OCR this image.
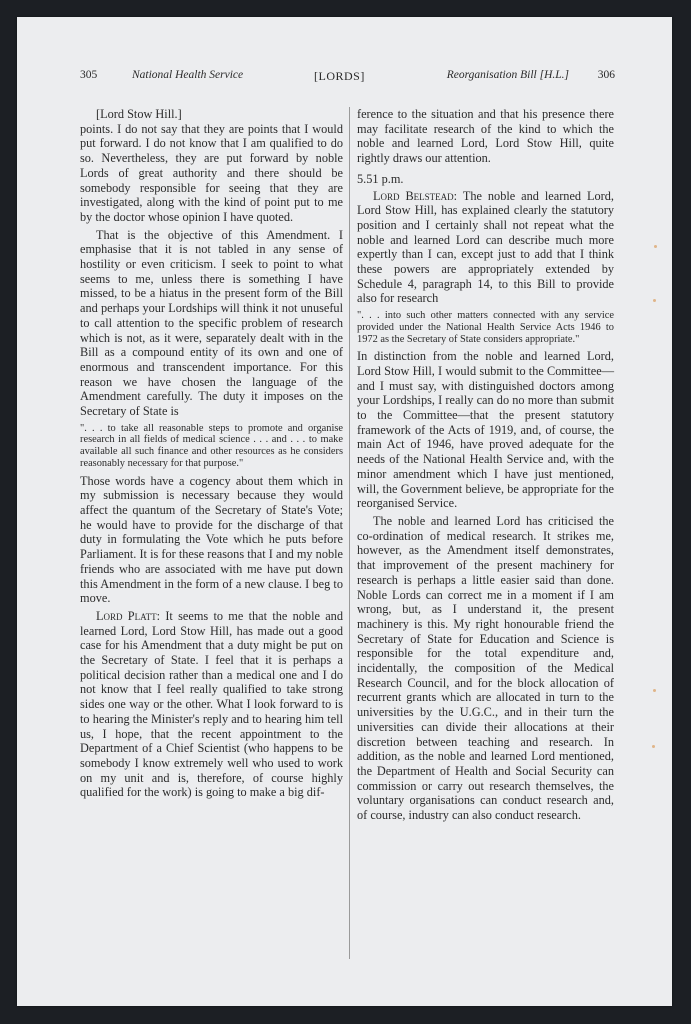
305	National Health Service	[LORDS]	Reorganisation Bill [H.L.]	306

[Lord Stow Hill.]

points. I do not say that they are points that I would put forward. I do not know that I am qualified to do so. Nevertheless, they are put forward by noble Lords of great authority and there should be somebody responsible for seeing that they are investigated, along with the kind of point put to me by the doctor whose opinion I have quoted.

That is the objective of this Amendment. I emphasise that it is not tabled in any sense of hostility or even criticism. I seek to point to what seems to me, unless there is something I have missed, to be a hiatus in the present form of the Bill and perhaps your Lordships will think it not unuseful to call attention to the specific problem of research which is not, as it were, separately dealt with in the Bill as a compound entity of its own and one of enormous and transcendent importance. For this reason we have chosen the language of the Amendment carefully. The duty it imposes on the Secretary of State is

". . . to take all reasonable steps to promote and organise research in all fields of medical science . . . and . . . to make available all such finance and other resources as he considers reasonably necessary for that purpose."

Those words have a cogency about them which in my submission is necessary because they would affect the quantum of the Secretary of State's Vote; he would have to provide for the discharge of that duty in formulating the Vote which he puts before Parliament. It is for these reasons that I and my noble friends who are associated with me have put down this Amendment in the form of a new clause. I beg to move.

Lord Platt: It seems to me that the noble and learned Lord, Lord Stow Hill, has made out a good case for his Amendment that a duty might be put on the Secretary of State. I feel that it is perhaps a political decision rather than a medical one and I do not know that I feel really qualified to take strong sides one way or the other. What I look forward to is to hearing the Minister's reply and to hearing him tell us, I hope, that the recent appointment to the Department of a Chief Scientist (who happens to be somebody I know extremely well who used to work on my unit and is, therefore, of course highly qualified for the work) is going to make a big dif-

ference to the situation and that his presence there may facilitate research of the kind to which the noble and learned Lord, Lord Stow Hill, quite rightly draws our attention.

5.51 p.m.

Lord Belstead: The noble and learned Lord, Lord Stow Hill, has explained clearly the statutory position and I certainly shall not repeat what the noble and learned Lord can describe much more expertly than I can, except just to add that I think these powers are appropriately extended by Schedule 4, paragraph 14, to this Bill to provide also for research

". . . into such other matters connected with any service provided under the National Health Service Acts 1946 to 1972 as the Secretary of State considers appropriate."

In distinction from the noble and learned Lord, Lord Stow Hill, I would submit to the Committee—and I must say, with distinguished doctors among your Lordships, I really can do no more than submit to the Committee—that the present statutory framework of the Acts of 1919, and, of course, the main Act of 1946, have proved adequate for the needs of the National Health Service and, with the minor amendment which I have just mentioned, will, the Government believe, be appropriate for the reorganised Service.

The noble and learned Lord has criticised the co-ordination of medical research. It strikes me, however, as the Amendment itself demonstrates, that improvement of the present machinery for research is perhaps a little easier said than done. Noble Lords can correct me in a moment if I am wrong, but, as I understand it, the present machinery is this. My right honourable friend the Secretary of State for Education and Science is responsible for the total expenditure and, incidentally, the composition of the Medical Research Council, and for the block allocation of recurrent grants which are allocated in turn to the universities by the U.G.C., and in their turn the universities can divide their allocations at their discretion between teaching and research. In addition, as the noble and learned Lord mentioned, the Department of Health and Social Security can commission or carry out research themselves, the voluntary organisations can conduct research and, of course, industry can also conduct research.
